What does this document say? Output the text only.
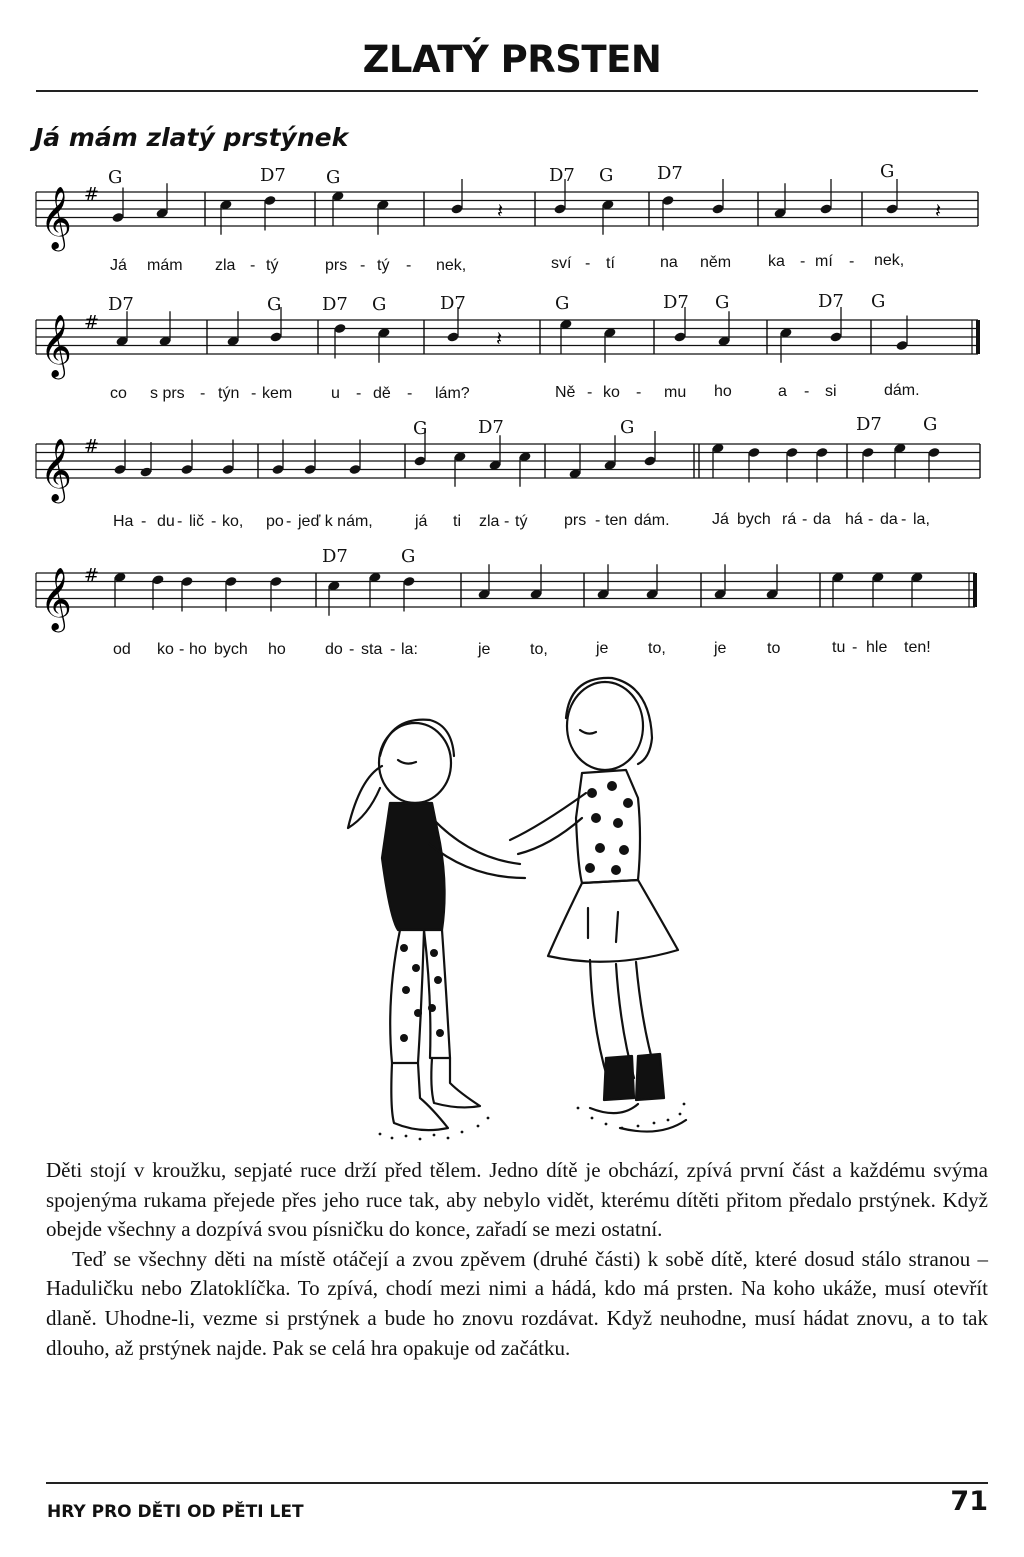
ZLATÝ PRSTEN
Já mám zlatý prstýnek
G	D7 G	D7 G D7	G
𝄞 #
𝄽	𝄽
Já mám zla - tý	prs - tý - nek,	sví - tí	na něm ka - mí - nek,
D7	G D7 G	D7	G	D7 G	D7 G
𝄞 #
𝄽
co s prs - týn - kem u - dě - lám?	Ně - ko - mu ho	a - si	dám.
G	D7	G	D7 G
𝄞 #
Ha - du - lič - ko, po - jeď k nám,	já ti zla - tý prs - ten dám.	Já bych rá - da há - da - la,
D7	G
𝄞 #
od ko - ho bych ho do - sta - la:	je to,	je to,	je	to	tu - hle ten!

Děti stojí v kroužku, sepjaté ruce drží před tělem. Jedno dítě je obchází, zpívá první část a každému svýma spojenýma rukama přejede přes jeho ruce tak, aby nebylo vidět, kterému dítěti přitom předalo prstýnek. Když obejde všechny a dozpívá svou písničku do konce, zařadí se mezi ostatní.

Teď se všechny děti na místě otáčejí a zvou zpěvem (druhé části) k sobě dítě, které dosud stálo stranou – Haduličku nebo Zlatoklíčka. To zpívá, chodí mezi nimi a hádá, kdo má prsten. Na koho ukáže, musí otevřít dlaně. Uhodne-li, vezme si prstýnek a bude ho znovu rozdávat. Když neuhodne, musí hádat znovu, a to tak dlouho, až prstýnek najde. Pak se celá hra opakuje od začátku.

HRY PRO DĚTI OD PĚTI LET	71
